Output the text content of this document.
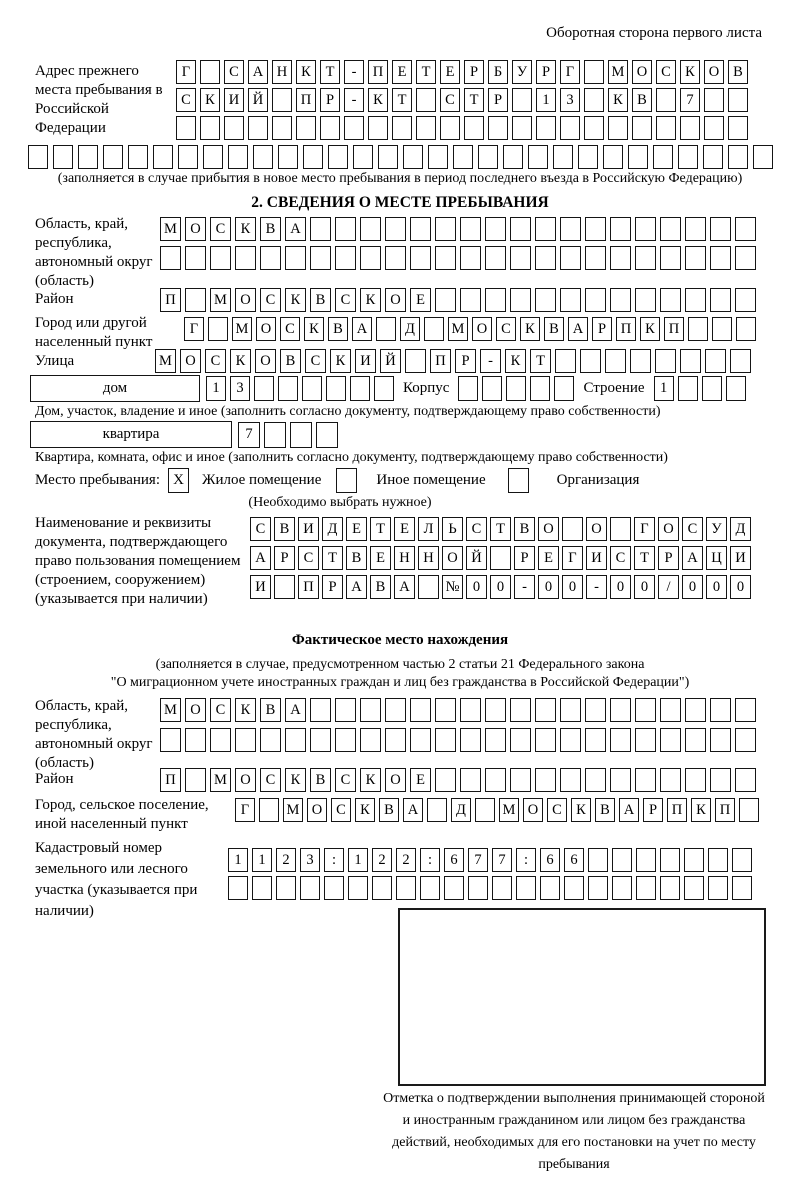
Оборотная сторона первого листа
Адрес прежнего места пребывания в Российской Федерации
Г	С А Н К	Т	-	П Е	Т	Е	Р	Б	У	Р	Г	М О С К О В
С К И Й	П	Р	-	К	Т	С	Т	Р	1	3	К В	7
(заполняется в случае прибытия в новое место пребывания в период последнего въезда в Российскую Федерацию)
2. СВЕДЕНИЯ О МЕСТЕ ПРЕБЫВАНИЯ
Область, край, республика, автономный округ (область)
М О	С	К	В	А
Район	П	М О	С	К	В	С	К	О	Е
Город или другой населенный пункт
Г	М О С К В А	Д	М О С К В А	Р	П К П
Улица	М О	С	К	О	В	С	К	И	Й	П	Р	-	К	Т
дом	1	3	Корпус	Строение	1
Дом, участок, владение и иное (заполнить согласно документу, подтверждающему право собственности)
квартира	7
Квартира, комната, офис и иное (заполнить согласно документу, подтверждающему право собственности)
Место пребывания: X	Жилое помещение	Иное помещение	Организация
(Необходимо выбрать нужное)
Наименование и реквизиты документа, подтверждающего право пользования помещением (строением, сооружением) (указывается при наличии)
С В И Д	Е	Т	Е	Л	Ь	С	Т	В О	О	Г	О С У Д
А	Р	С	Т	В	Е Н Н О Й	Р	Е	Г	И С	Т	Р	А Ц И
И	П	Р	А В А	№ 0	0	-	0	0	-	0	0	/	0	0	0
Фактическое место нахождения
(заполняется в случае, предусмотренном частью 2 статьи 21 Федерального закона
"О миграционном учете иностранных граждан и лиц без гражданства в Российской Федерации")
Область, край, республика, автономный округ (область)
М О	С	К	В	А
Район	П	М О	С	К	В	С	К	О	Е
Город, сельское поселение, иной населенный пункт
Г	М О С К В А	Д	М О С К В А	Р	П К П
Кадастровый номер земельного или лесного участка (указывается при наличии)
1	1	2	3	:	1	2	2	:	6	7	7	:	6	6
Отметка о подтверждении выполнения принимающей стороной и иностранным гражданином или лицом без гражданства действий, необходимых для его постановки на учет по месту пребывания
